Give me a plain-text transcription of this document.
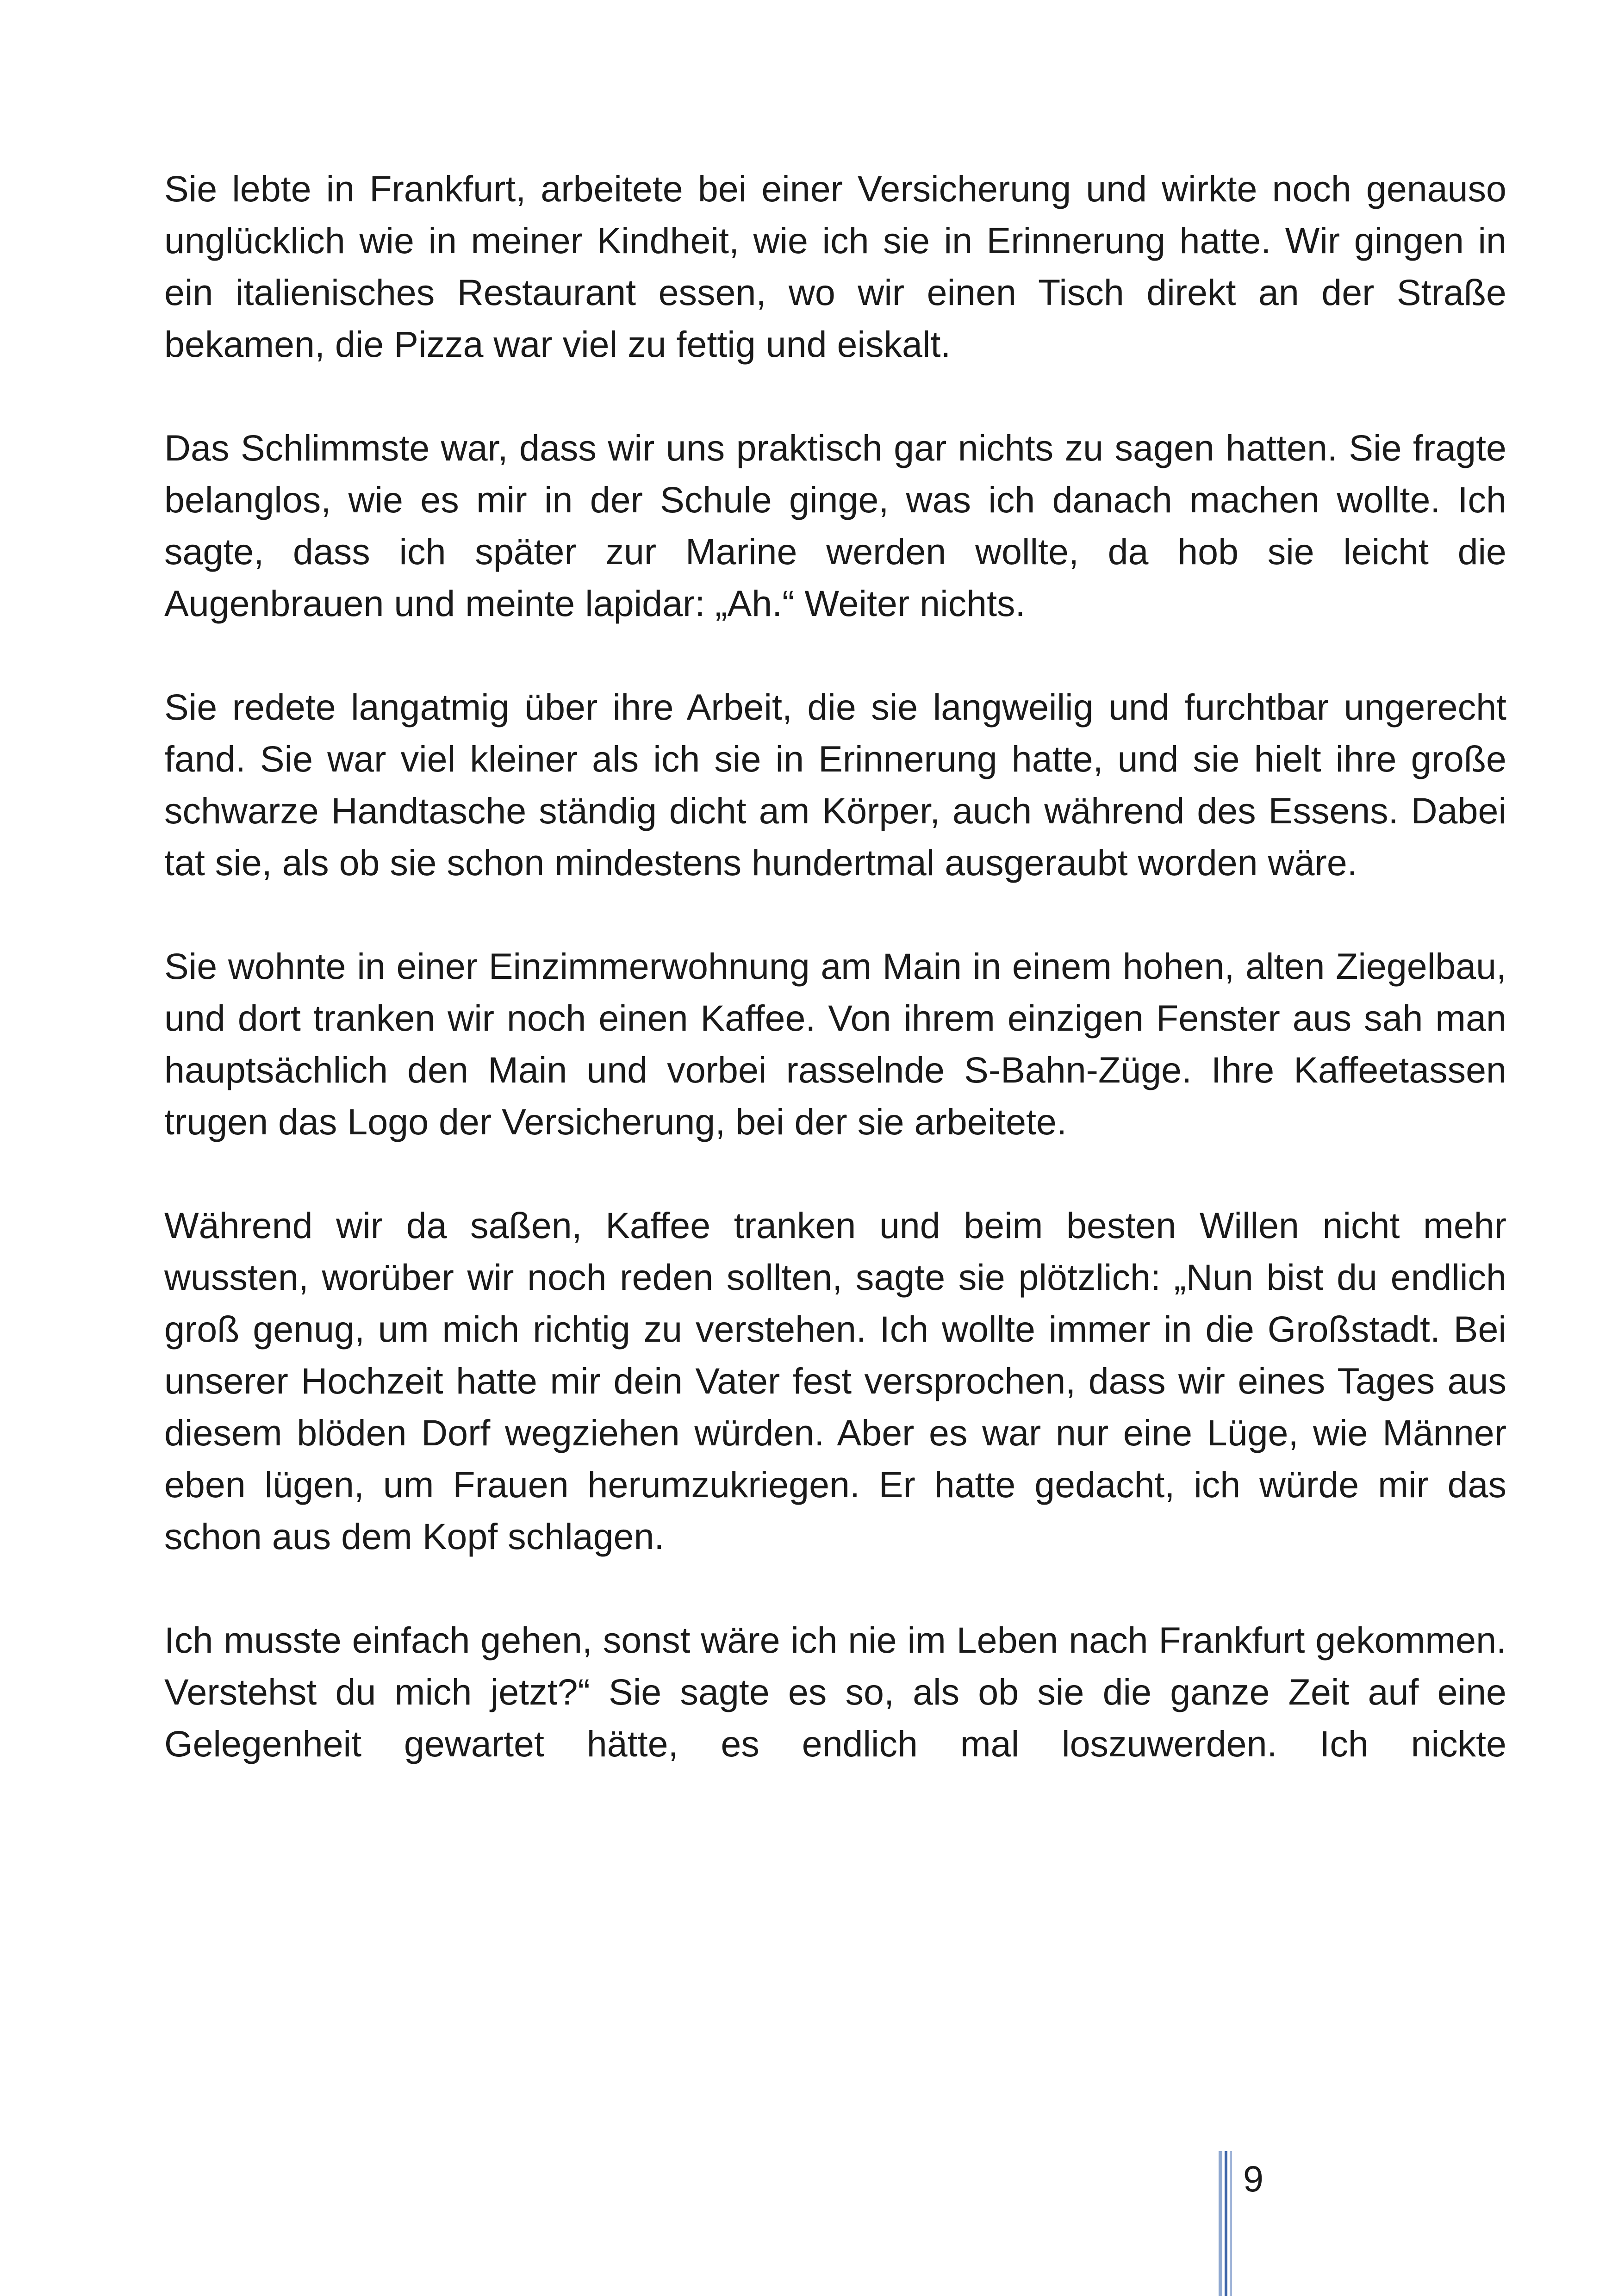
Sie lebte in Frankfurt, arbeitete bei einer Versicherung und wirkte noch genauso unglücklich wie in meiner Kindheit, wie ich sie in Erinnerung hatte. Wir gingen in ein italienisches Restaurant essen, wo wir einen Tisch direkt an der Straße bekamen, die Pizza war viel zu fettig und eiskalt.

Das Schlimmste war, dass wir uns praktisch gar nichts zu sagen hatten. Sie fragte belanglos, wie es mir in der Schule ginge, was ich danach machen wollte. Ich sagte, dass ich später zur Marine werden wollte, da hob sie leicht die Augenbrauen und meinte lapidar: „Ah.“ Weiter nichts.

Sie redete langatmig über ihre Arbeit, die sie langweilig und furchtbar ungerecht fand. Sie war viel kleiner als ich sie in Erinnerung hatte, und sie hielt ihre große schwarze Handtasche ständig dicht am Körper, auch während des Essens. Dabei tat sie, als ob sie schon mindestens hundertmal ausgeraubt worden wäre.

Sie wohnte in einer Einzimmerwohnung am Main in einem hohen, alten Ziegelbau, und dort tranken wir noch einen Kaffee. Von ihrem einzigen Fenster aus sah man hauptsächlich den Main und vorbei rasselnde S-Bahn-Züge. Ihre Kaffeetassen trugen das Logo der Versicherung, bei der sie arbeitete.

Während wir da saßen, Kaffee tranken und beim besten Willen nicht mehr wussten, worüber wir noch reden sollten, sagte sie plötzlich: „Nun bist du endlich groß genug, um mich richtig zu verstehen. Ich wollte immer in die Großstadt. Bei unserer Hochzeit hatte mir dein Vater fest versprochen, dass wir eines Tages aus diesem blöden Dorf wegziehen würden. Aber es war nur eine Lüge, wie Männer eben lügen, um Frauen herumzukriegen. Er hatte gedacht, ich würde mir das schon aus dem Kopf schlagen.

Ich musste einfach gehen, sonst wäre ich nie im Leben nach Frankfurt gekommen. Verstehst du mich jetzt?“ Sie sagte es so, als ob sie die ganze Zeit auf eine Gelegenheit gewartet hätte, es endlich mal loszuwerden. Ich nickte

9
